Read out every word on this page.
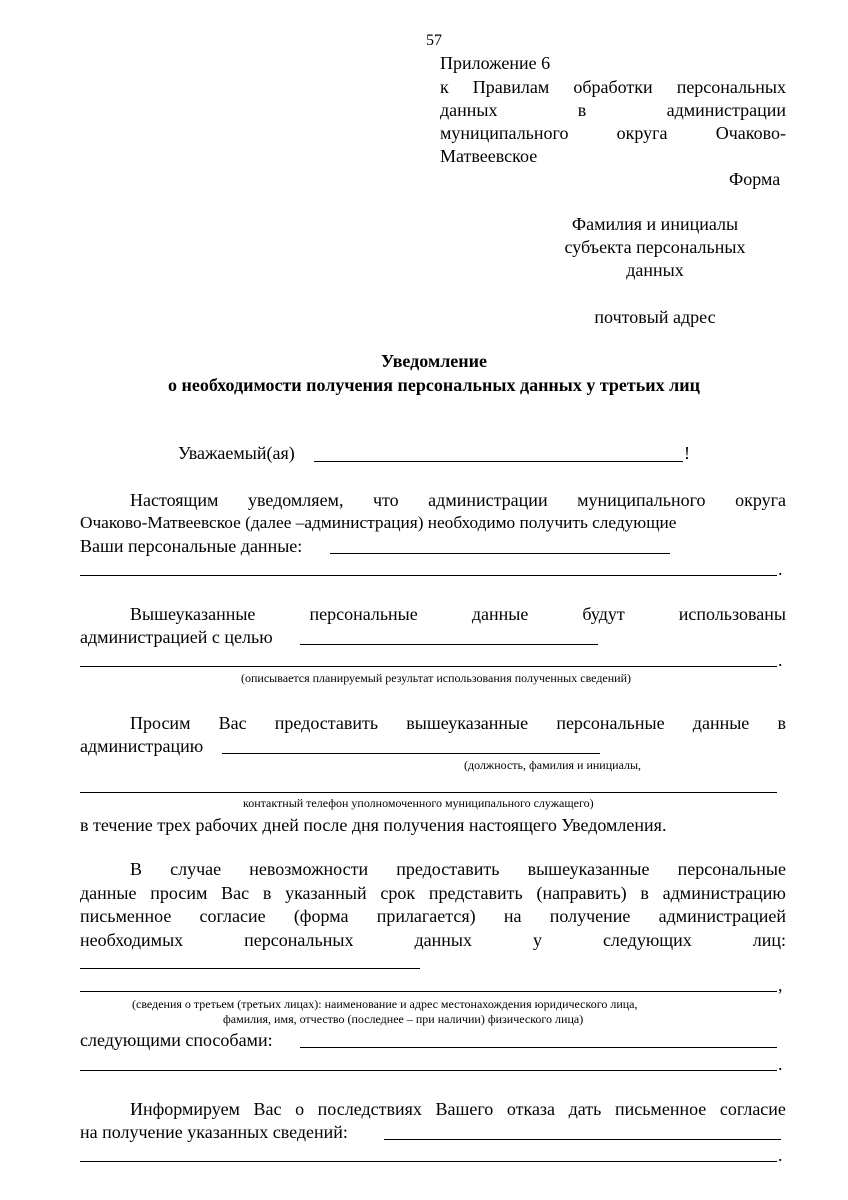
57
Приложение 6
к Правилам обработки персональных
данных	в	администрации
муниципального	округа	Очаково-
Матвеевское
Форма
Фамилия и инициалы
субъекта персональных
данных
почтовый адрес
Уведомление
о необходимости получения персональных данных у третьих лиц
Уважаемый(ая)	!
Настоящим уведомляем, что администрации муниципального округа
Очаково-Матвеевское (далее –администрация) необходимо получить следующие
Ваши персональные данные:
.
Вышеуказанные	персональные	данные	будут	использованы
администрацией с целью
.
(описывается планируемый результат использования полученных сведений)
Просим Вас предоставить вышеуказанные персональные данные в
администрацию
(должность, фамилия и инициалы,
контактный телефон уполномоченного муниципального служащего)
в течение трех рабочих дней после дня получения настоящего Уведомления.
В случае невозможности предоставить вышеуказанные персональные
данные просим Вас в указанный срок представить (направить) в администрацию
письменное согласие (форма прилагается) на получение администрацией
необходимых	персональных	данных	у	следующих	лиц:
,
(сведения о третьем (третьих лицах): наименование и адрес местонахождения юридического лица,
фамилия, имя, отчество (последнее – при наличии) физического лица)
следующими способами:
.
Информируем Вас о последствиях Вашего отказа дать письменное согласие
на получение указанных сведений:
.
